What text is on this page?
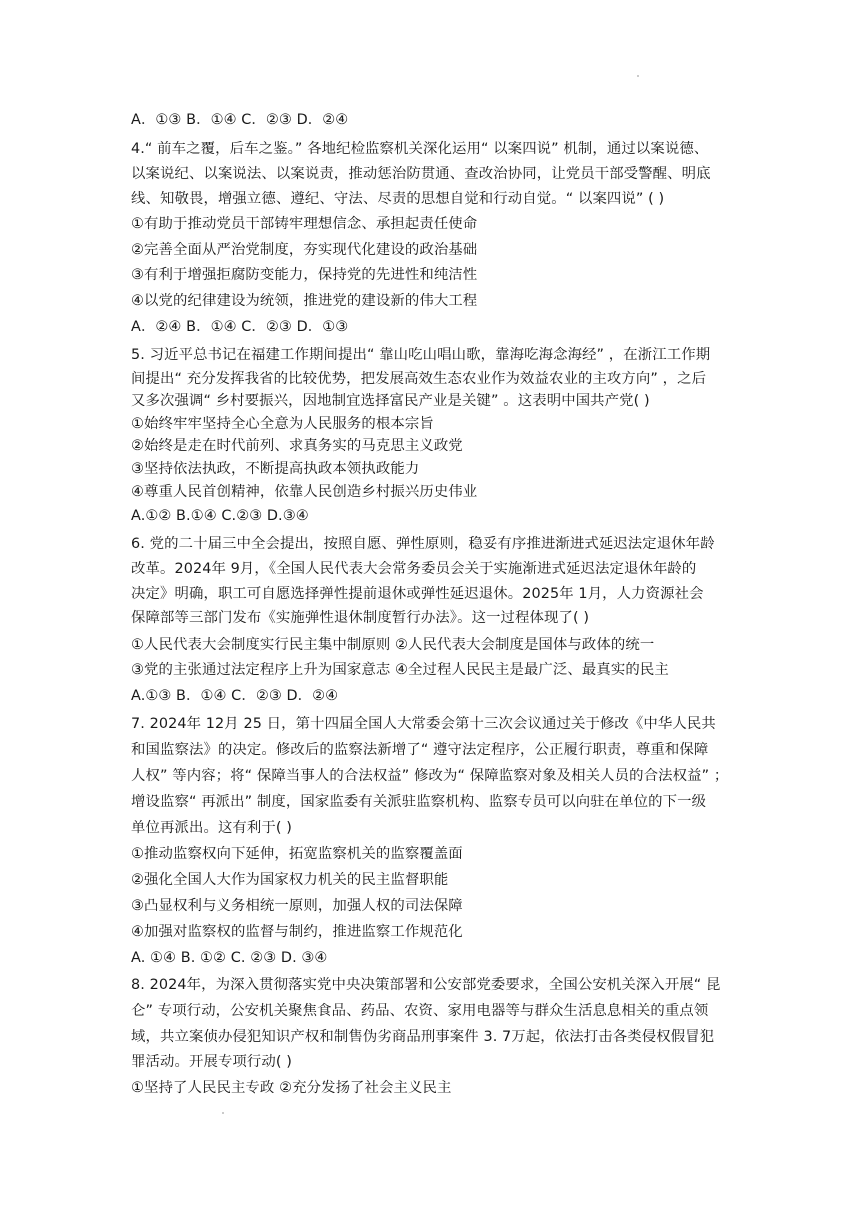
A．①③ B．①④ C．②③ D．②④
4.“ 前车之覆，后车之鉴。” 各地纪检监察机关深化运用“ 以案四说” 机制，通过以案说德、
以案说纪、以案说法、以案说责，推动惩治防贯通、查改治协同，让党员干部受警醒、明底
线、知敬畏，增强立德、遵纪、守法、尽责的思想自觉和行动自觉。“ 以案四说” ( )
①有助于推动党员干部铸牢理想信念、承担起责任使命
②完善全面从严治党制度，夯实现代化建设的政治基础
③有利于增强拒腐防变能力，保持党的先进性和纯洁性
④以党的纪律建设为统领，推进党的建设新的伟大工程
A．②④ B．①④ C．②③ D．①③
5. 习近平总书记在福建工作期间提出“ 靠山吃山唱山歌，靠海吃海念海经” ，在浙江工作期
间提出“ 充分发挥我省的比较优势，把发展高效生态农业作为效益农业的主攻方向” ，之后
又多次强调“ 乡村要振兴，因地制宜选择富民产业是关键” 。这表明中国共产党( )
①始终牢牢坚持全心全意为人民服务的根本宗旨
②始终是走在时代前列、求真务实的马克思主义政党
③坚持依法执政，不断提高执政本领执政能力
④尊重人民首创精神，依靠人民创造乡村振兴历史伟业
A.①② B.①④ C.②③ D.③④
6. 党的二十届三中全会提出，按照自愿、弹性原则，稳妥有序推进渐进式延迟法定退休年龄
改革。2024年 9月，《全国人民代表大会常务委员会关于实施渐进式延迟法定退休年龄的
决定》明确，职工可自愿选择弹性提前退休或弹性延迟退休。2025年 1月，人力资源社会
保障部等三部门发布《实施弹性退休制度暂行办法》。这一过程体现了( )
①人民代表大会制度实行民主集中制原则 ②人民代表大会制度是国体与政体的统一
③党的主张通过法定程序上升为国家意志 ④全过程人民民主是最广泛、最真实的民主
A.①③ B．①④ C．②③ D．②④
7. 2024年 12月 25 日，第十四届全国人大常委会第十三次会议通过关于修改《中华人民共
和国监察法》的决定。修改后的监察法新增了“ 遵守法定程序，公正履行职责，尊重和保障
人权” 等内容；将“ 保障当事人的合法权益” 修改为“ 保障监察对象及相关人员的合法权益” ；
增设监察“ 再派出” 制度，国家监委有关派驻监察机构、监察专员可以向驻在单位的下一级
单位再派出。这有利于( )
①推动监察权向下延伸，拓宽监察机关的监察覆盖面
②强化全国人大作为国家权力机关的民主监督职能
③凸显权利与义务相统一原则，加强人权的司法保障
④加强对监察权的监督与制约，推进监察工作规范化
A. ①④ B. ①② C. ②③ D. ③④
8. 2024年，为深入贯彻落实党中央决策部署和公安部党委要求，全国公安机关深入开展“ 昆
仑” 专项行动，公安机关聚焦食品、药品、农资、家用电器等与群众生活息息相关的重点领
域，共立案侦办侵犯知识产权和制售伪劣商品刑事案件 3. 7万起，依法打击各类侵权假冒犯
罪活动。开展专项行动( )
①坚持了人民民主专政 ②充分发扬了社会主义民主
